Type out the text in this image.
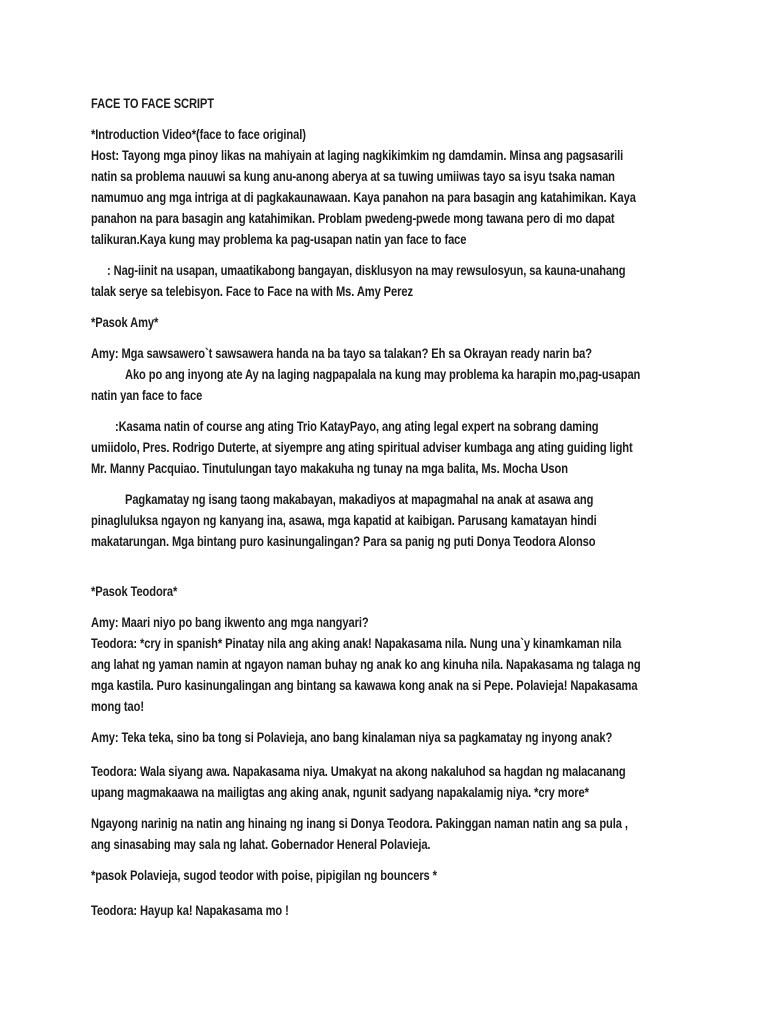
FACE TO FACE SCRIPT
*Introduction Video*(face to face original)
Host: Tayong mga pinoy likas na mahiyain at laging nagkikimkim ng damdamin. Minsa ang pagsasarili
natin sa problema nauuwi sa kung anu-anong aberya at sa tuwing umiiwas tayo sa isyu tsaka naman
namumuo ang mga intriga at di pagkakaunawaan. Kaya panahon na para basagin ang katahimikan. Kaya
panahon na para basagin ang katahimikan. Problam pwedeng-pwede mong tawana pero di mo dapat
talikuran.Kaya kung may problema ka pag-usapan natin yan face to face
: Nag-iinit na usapan, umaatikabong bangayan, disklusyon na may rewsulosyun, sa kauna-unahang
talak serye sa telebisyon. Face to Face na with Ms. Amy Perez
*Pasok Amy*
Amy: Mga sawsawero`t sawsawera handa na ba tayo sa talakan? Eh sa Okrayan ready narin ba?
Ako po ang inyong ate Ay na laging nagpapalala na kung may problema ka harapin mo,pag-usapan
natin yan face to face
:Kasama natin of course ang ating Trio KatayPayo, ang ating legal expert na sobrang daming
umiidolo, Pres. Rodrigo Duterte, at siyempre ang ating spiritual adviser kumbaga ang ating guiding light
Mr. Manny Pacquiao. Tinutulungan tayo makakuha ng tunay na mga balita, Ms. Mocha Uson
Pagkamatay ng isang taong makabayan, makadiyos at mapagmahal na anak at asawa ang
pinagluluksa ngayon ng kanyang ina, asawa, mga kapatid at kaibigan. Parusang kamatayan hindi
makatarungan. Mga bintang puro kasinungalingan? Para sa panig ng puti Donya Teodora Alonso
*Pasok Teodora*
Amy: Maari niyo po bang ikwento ang mga nangyari?
Teodora: *cry in spanish* Pinatay nila ang aking anak! Napakasama nila. Nung una`y kinamkaman nila
ang lahat ng yaman namin at ngayon naman buhay ng anak ko ang kinuha nila. Napakasama ng talaga ng
mga kastila. Puro kasinungalingan ang bintang sa kawawa kong anak na si Pepe. Polavieja! Napakasama
mong tao!
Amy: Teka teka, sino ba tong si Polavieja, ano bang kinalaman niya sa pagkamatay ng inyong anak?
Teodora: Wala siyang awa. Napakasama niya. Umakyat na akong nakaluhod sa hagdan ng malacanang
upang magmakaawa na mailigtas ang aking anak, ngunit sadyang napakalamig niya. *cry more*
Ngayong narinig na natin ang hinaing ng inang si Donya Teodora. Pakinggan naman natin ang sa pula ,
ang sinasabing may sala ng lahat. Gobernador Heneral Polavieja.
*pasok Polavieja, sugod teodor with poise, pipigilan ng bouncers *
Teodora: Hayup ka! Napakasama mo !
